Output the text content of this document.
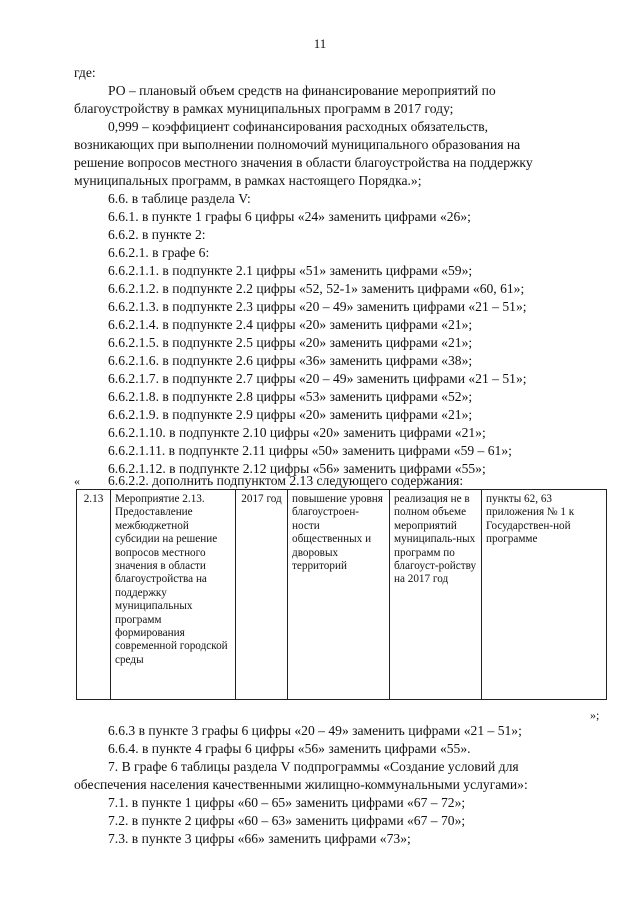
11
где:
РО – плановый объем средств на финансирование мероприятий по
благоустройству в рамках муниципальных программ в 2017 году;
0,999 – коэффициент софинансирования расходных обязательств,
возникающих при выполнении полномочий муниципального образования на
решение вопросов местного значения в области благоустройства на поддержку
муниципальных программ, в рамках настоящего Порядка.»;
6.6. в таблице раздела V:
6.6.1. в пункте 1 графы 6 цифры «24» заменить цифрами «26»;
6.6.2. в пункте 2:
6.6.2.1. в графе 6:
6.6.2.1.1. в подпункте 2.1 цифры «51» заменить цифрами «59»;
6.6.2.1.2. в подпункте 2.2 цифры «52, 52-1» заменить цифрами «60, 61»;
6.6.2.1.3. в подпункте 2.3 цифры «20 – 49» заменить цифрами «21 – 51»;
6.6.2.1.4. в подпункте 2.4 цифры «20» заменить цифрами «21»;
6.6.2.1.5. в подпункте 2.5 цифры «20» заменить цифрами «21»;
6.6.2.1.6. в подпункте 2.6 цифры «36» заменить цифрами «38»;
6.6.2.1.7. в подпункте 2.7 цифры «20 – 49» заменить цифрами «21 – 51»;
6.6.2.1.8. в подпункте 2.8 цифры «53» заменить цифрами «52»;
6.6.2.1.9. в подпункте 2.9 цифры «20» заменить цифрами «21»;
6.6.2.1.10. в подпункте 2.10 цифры «20» заменить цифрами «21»;
6.6.2.1.11. в подпункте 2.11 цифры «50» заменить цифрами «59 – 61»;
6.6.2.1.12. в подпункте 2.12 цифры «56» заменить цифрами «55»;
6.6.2.2. дополнить подпунктом 2.13 следующего содержания:
«
2.13	Мероприятие 2.13. Предоставление межбюджетной субсидии на решение вопросов местного значения в области благоустройства на поддержку муниципальных программ формирования современной городской среды	2017 год	повышение уровня благоустроен-ности общественных и дворовых территорий	реализация не в полном объеме мероприятий муниципаль-ных программ по благоуст-ройству на 2017 год	пункты 62, 63 приложения № 1 к Государствен-ной программе
»;
6.6.3 в пункте 3 графы 6 цифры «20 – 49» заменить цифрами «21 – 51»;
6.6.4. в пункте 4 графы 6 цифры «56» заменить цифрами «55».
7. В графе 6 таблицы раздела V подпрограммы «Создание условий для
обеспечения населения качественными жилищно-коммунальными услугами»:
7.1. в пункте 1 цифры «60 – 65» заменить цифрами «67 – 72»;
7.2. в пункте 2 цифры «60 – 63» заменить цифрами «67 – 70»;
7.3. в пункте 3 цифры «66» заменить цифрами «73»;
